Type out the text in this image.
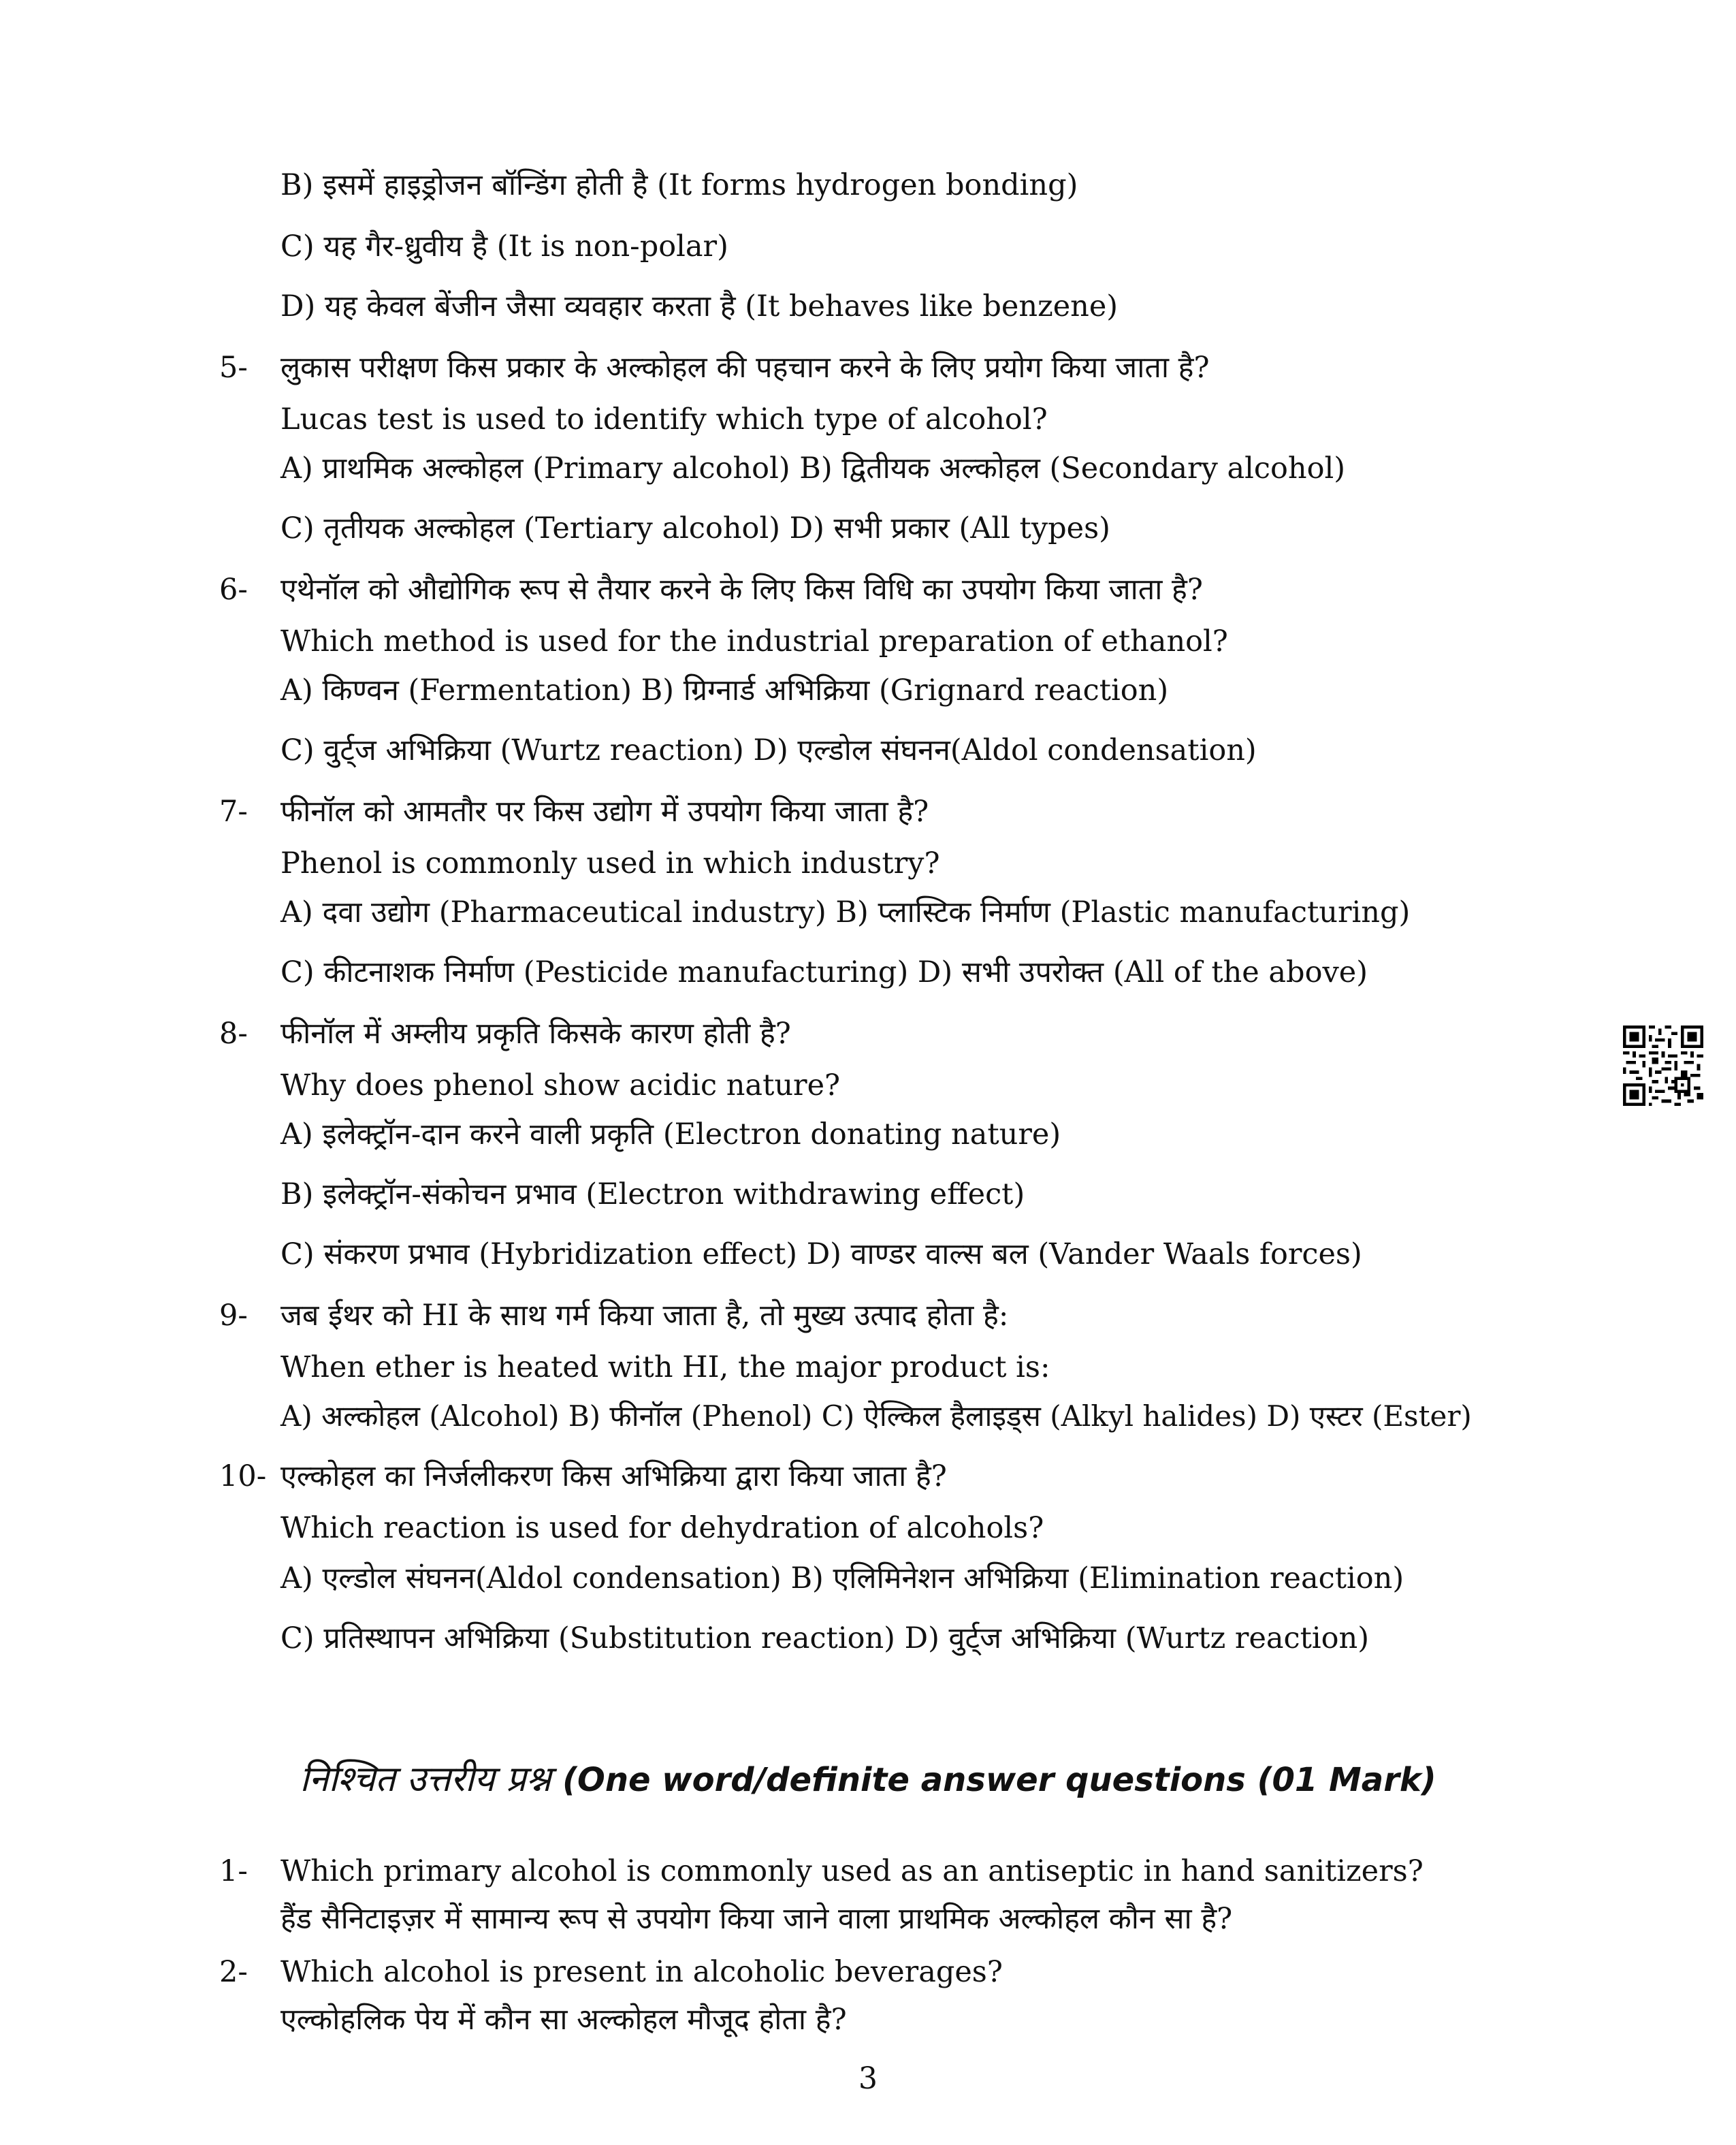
B) इसमें हाइड्रोजन बॉन्डिंग होती है (It forms hydrogen bonding)
C) यह गैर-ध्रुवीय है (It is non-polar)
D) यह केवल बेंजीन जैसा व्यवहार करता है (It behaves like benzene)
5- लुकास परीक्षण किस प्रकार के अल्कोहल की पहचान करने के लिए प्रयोग किया जाता है?
Lucas test is used to identify which type of alcohol?
A) प्राथमिक अल्कोहल (Primary alcohol) B) द्वितीयक अल्कोहल (Secondary alcohol)
C) तृतीयक अल्कोहल (Tertiary alcohol) D) सभी प्रकार (All types)
6- एथेनॉल को औद्योगिक रूप से तैयार करने के लिए किस विधि का उपयोग किया जाता है?
Which method is used for the industrial preparation of ethanol?
A) किण्वन (Fermentation) B) ग्रिग्नार्ड अभिक्रिया (Grignard reaction)
C) वुर्ट्ज अभिक्रिया (Wurtz reaction) D) एल्डोल संघनन(Aldol condensation)
7- फीनॉल को आमतौर पर किस उद्योग में उपयोग किया जाता है?
Phenol is commonly used in which industry?
A) दवा उद्योग (Pharmaceutical industry) B) प्लास्टिक निर्माण (Plastic manufacturing)
C) कीटनाशक निर्माण (Pesticide manufacturing) D) सभी उपरोक्त (All of the above)
8- फीनॉल में अम्लीय प्रकृति किसके कारण होती है?
Why does phenol show acidic nature?
A) इलेक्ट्रॉन-दान करने वाली प्रकृति (Electron donating nature)
B) इलेक्ट्रॉन-संकोचन प्रभाव (Electron withdrawing effect)
C) संकरण प्रभाव (Hybridization effect) D) वाण्डर वाल्स बल (Vander Waals forces)
9- जब ईथर को HI के साथ गर्म किया जाता है, तो मुख्य उत्पाद होता है:
When ether is heated with HI, the major product is:
A) अल्कोहल (Alcohol) B) फीनॉल (Phenol) C) ऐल्किल हैलाइड्स (Alkyl halides) D) एस्टर (Ester)
10- एल्कोहल का निर्जलीकरण किस अभिक्रिया द्वारा किया जाता है?
Which reaction is used for dehydration of alcohols?
A) एल्डोल संघनन(Aldol condensation) B) एलिमिनेशन अभिक्रिया (Elimination reaction)
C) प्रतिस्थापन अभिक्रिया (Substitution reaction) D) वुर्ट्ज अभिक्रिया (Wurtz reaction)
निश्चित उत्तरीय प्रश्न (One word/definite answer questions (01 Mark)
1- Which primary alcohol is commonly used as an antiseptic in hand sanitizers?
हैंड सैनिटाइज़र में सामान्य रूप से उपयोग किया जाने वाला प्राथमिक अल्कोहल कौन सा है?
2- Which alcohol is present in alcoholic beverages?
एल्कोहलिक पेय में कौन सा अल्कोहल मौजूद होता है?
3
